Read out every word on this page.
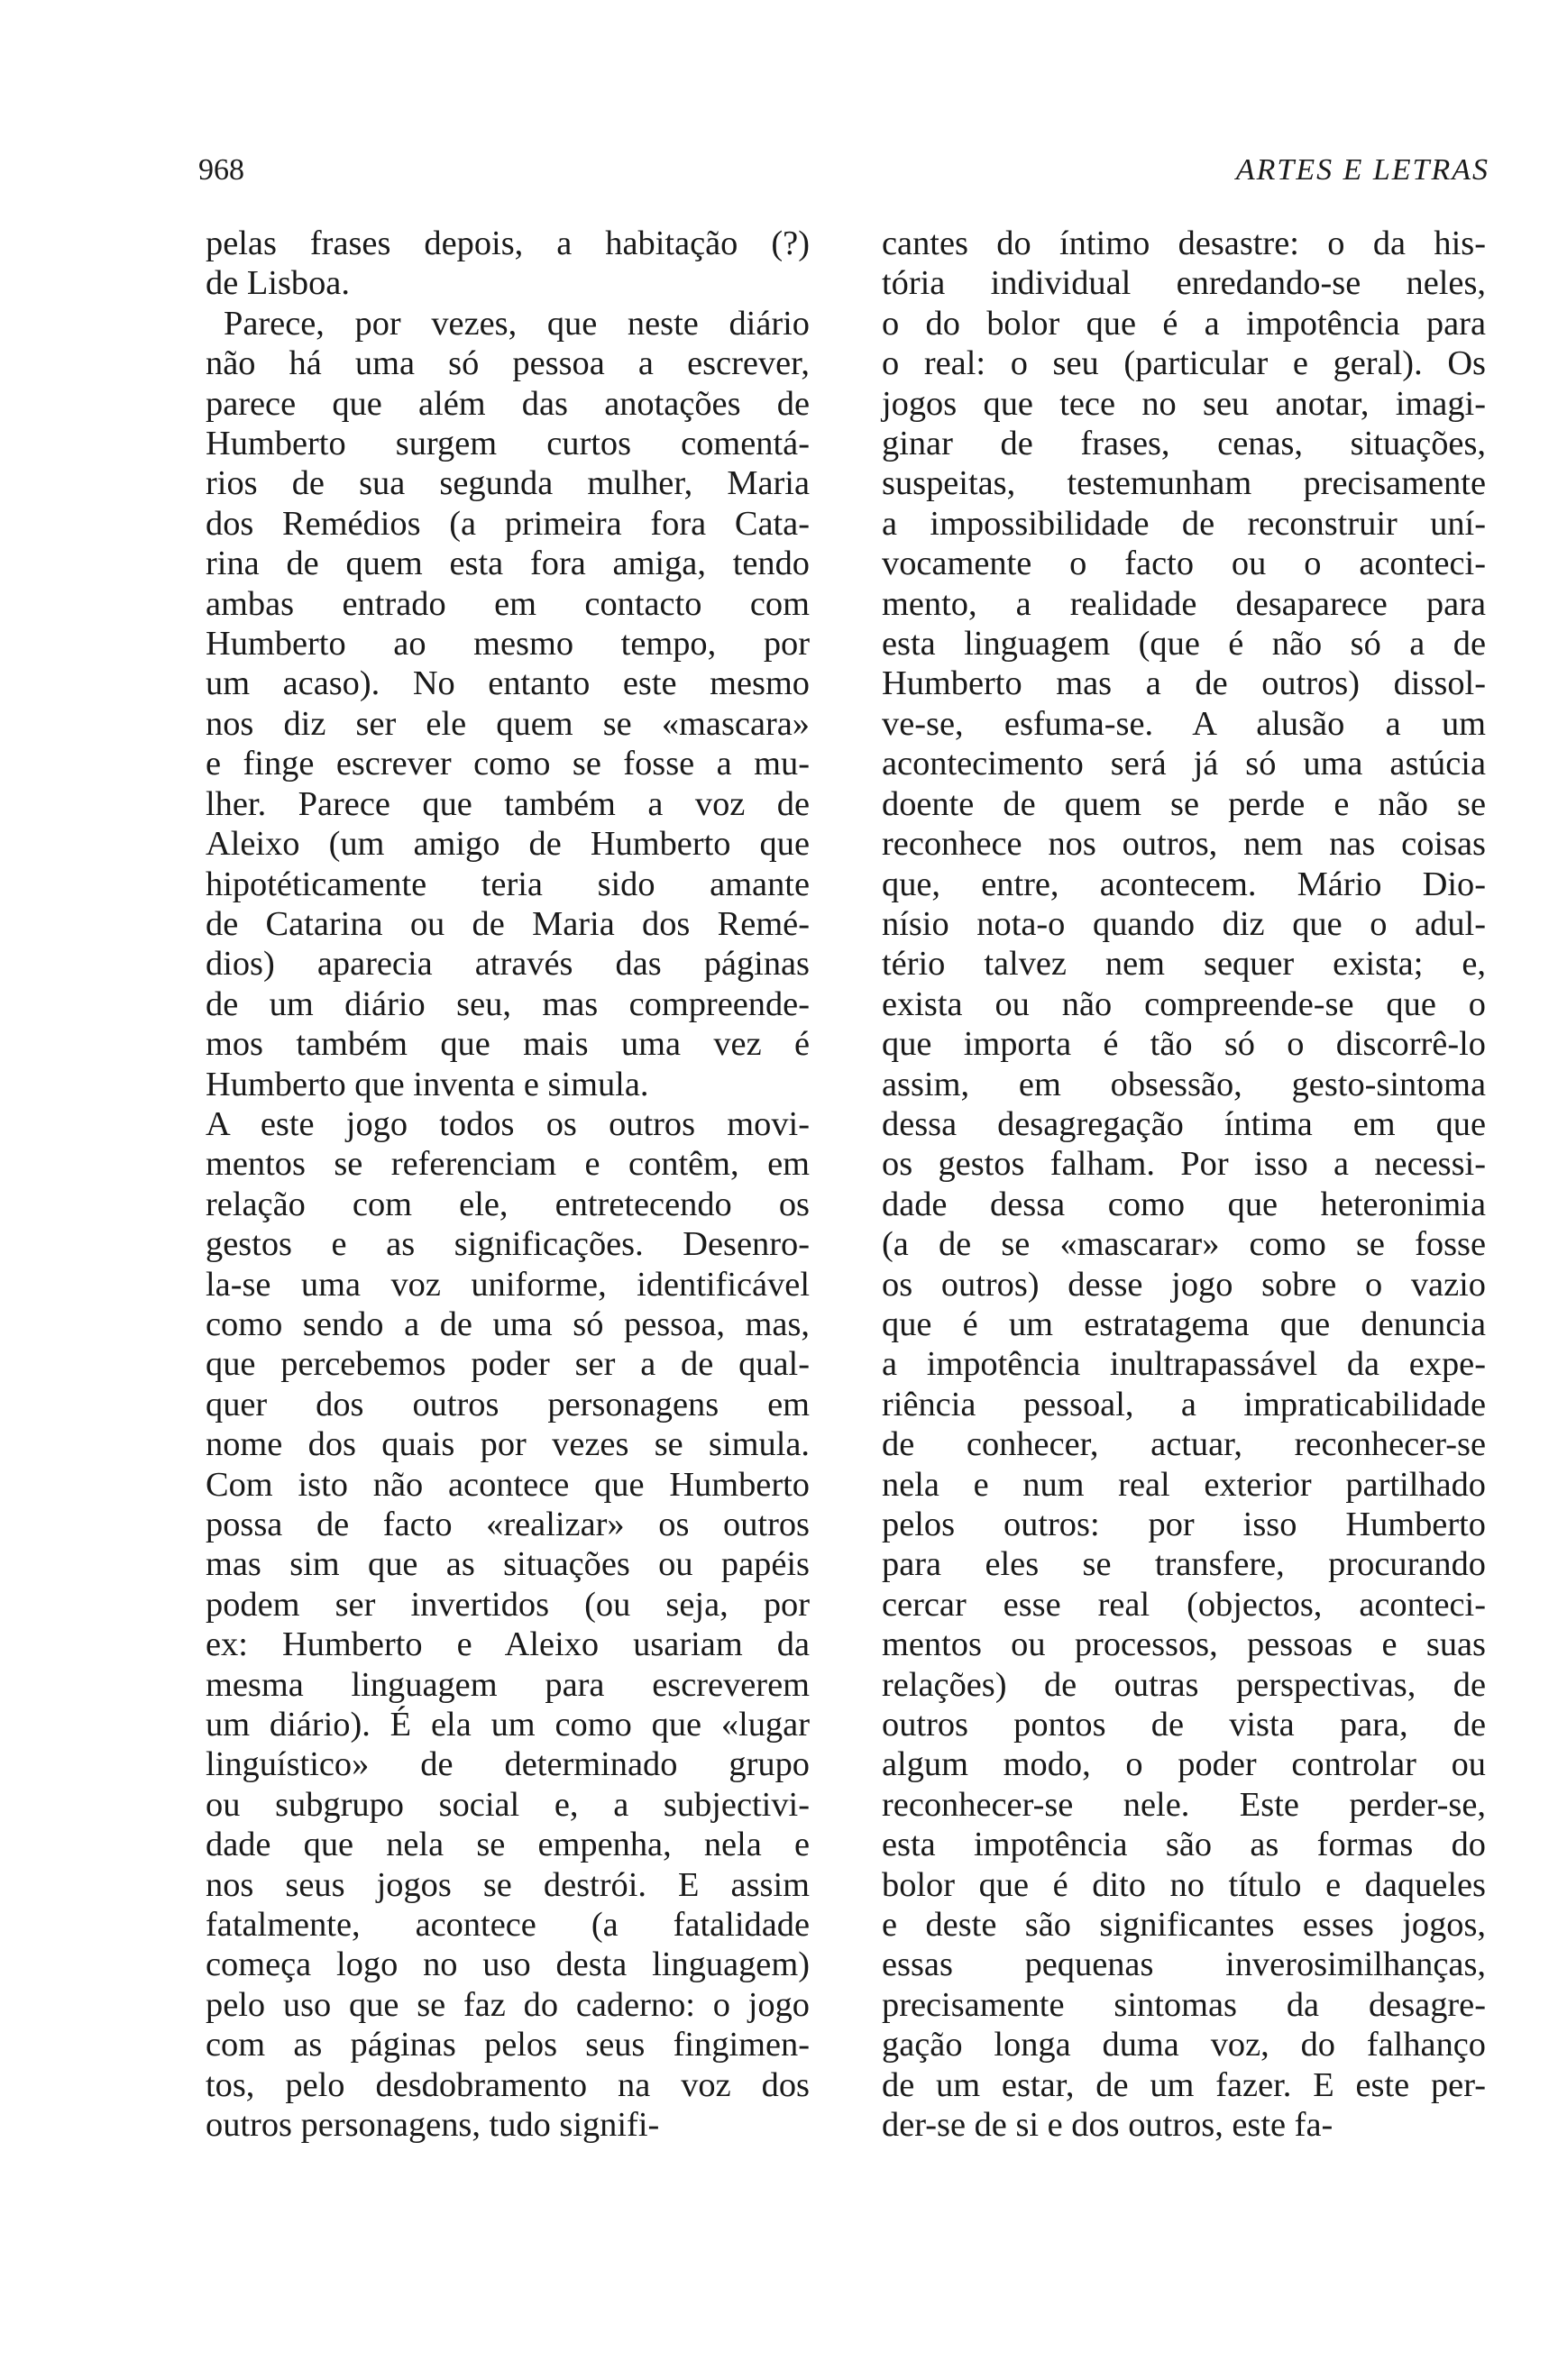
968	ARTES E LETRAS
pelas frases depois, a habitação (?)
de Lisboa.
Parece, por vezes, que neste diário
não há uma só pessoa a escrever,
parece que além das anotações de
Humberto surgem curtos comentá-
rios de sua segunda mulher, Maria
dos Remédios (a primeira fora Cata-
rina de quem esta fora amiga, tendo
ambas entrado em contacto com
Humberto ao mesmo tempo, por
um acaso). No entanto este mesmo
nos diz ser ele quem se «mascara»
e finge escrever como se fosse a mu-
lher. Parece que também a voz de
Aleixo (um amigo de Humberto que
hipotéticamente teria sido amante
de Catarina ou de Maria dos Remé-
dios) aparecia através das páginas
de um diário seu, mas compreende-
mos também que mais uma vez é
Humberto que inventa e simula.
A este jogo todos os outros movi-
mentos se referenciam e contêm, em
relação com ele, entretecendo os
gestos e as significações. Desenro-
la-se uma voz uniforme, identificável
como sendo a de uma só pessoa, mas,
que percebemos poder ser a de qual-
quer dos outros personagens em
nome dos quais por vezes se simula.
Com isto não acontece que Humberto
possa de facto «realizar» os outros
mas sim que as situações ou papéis
podem ser invertidos (ou seja, por
ex: Humberto e Aleixo usariam da
mesma linguagem para escreverem
um diário). É ela um como que «lugar
linguístico» de determinado grupo
ou subgrupo social e, a subjectivi-
dade que nela se empenha, nela e
nos seus jogos se destrói. E assim
fatalmente, acontece (a fatalidade
começa logo no uso desta linguagem)
pelo uso que se faz do caderno: o jogo
com as páginas pelos seus fingimen-
tos, pelo desdobramento na voz dos
outros personagens, tudo signifi-
cantes do íntimo desastre: o da his-
tória individual enredando-se neles,
o do bolor que é a impotência para
o real: o seu (particular e geral). Os
jogos que tece no seu anotar, imagi-
ginar de frases, cenas, situações,
suspeitas, testemunham precisamente
a impossibilidade de reconstruir uní-
vocamente o facto ou o aconteci-
mento, a realidade desaparece para
esta linguagem (que é não só a de
Humberto mas a de outros) dissol-
ve-se, esfuma-se. A alusão a um
acontecimento será já só uma astúcia
doente de quem se perde e não se
reconhece nos outros, nem nas coisas
que, entre, acontecem. Mário Dio-
nísio nota-o quando diz que o adul-
tério talvez nem sequer exista; e,
exista ou não compreende-se que o
que importa é tão só o discorrê-lo
assim, em obsessão, gesto-sintoma
dessa desagregação íntima em que
os gestos falham. Por isso a necessi-
dade dessa como que heteronimia
(a de se «mascarar» como se fosse
os outros) desse jogo sobre o vazio
que é um estratagema que denuncia
a impotência inultrapassável da expe-
riência pessoal, a impraticabilidade
de conhecer, actuar, reconhecer-se
nela e num real exterior partilhado
pelos outros: por isso Humberto
para eles se transfere, procurando
cercar esse real (objectos, aconteci-
mentos ou processos, pessoas e suas
relações) de outras perspectivas, de
outros pontos de vista para, de
algum modo, o poder controlar ou
reconhecer-se nele. Este perder-se,
esta impotência são as formas do
bolor que é dito no título e daqueles
e deste são significantes esses jogos,
essas pequenas inverosimilhanças,
precisamente sintomas da desagre-
gação longa duma voz, do falhanço
de um estar, de um fazer. E este per-
der-se de si e dos outros, este fa-
